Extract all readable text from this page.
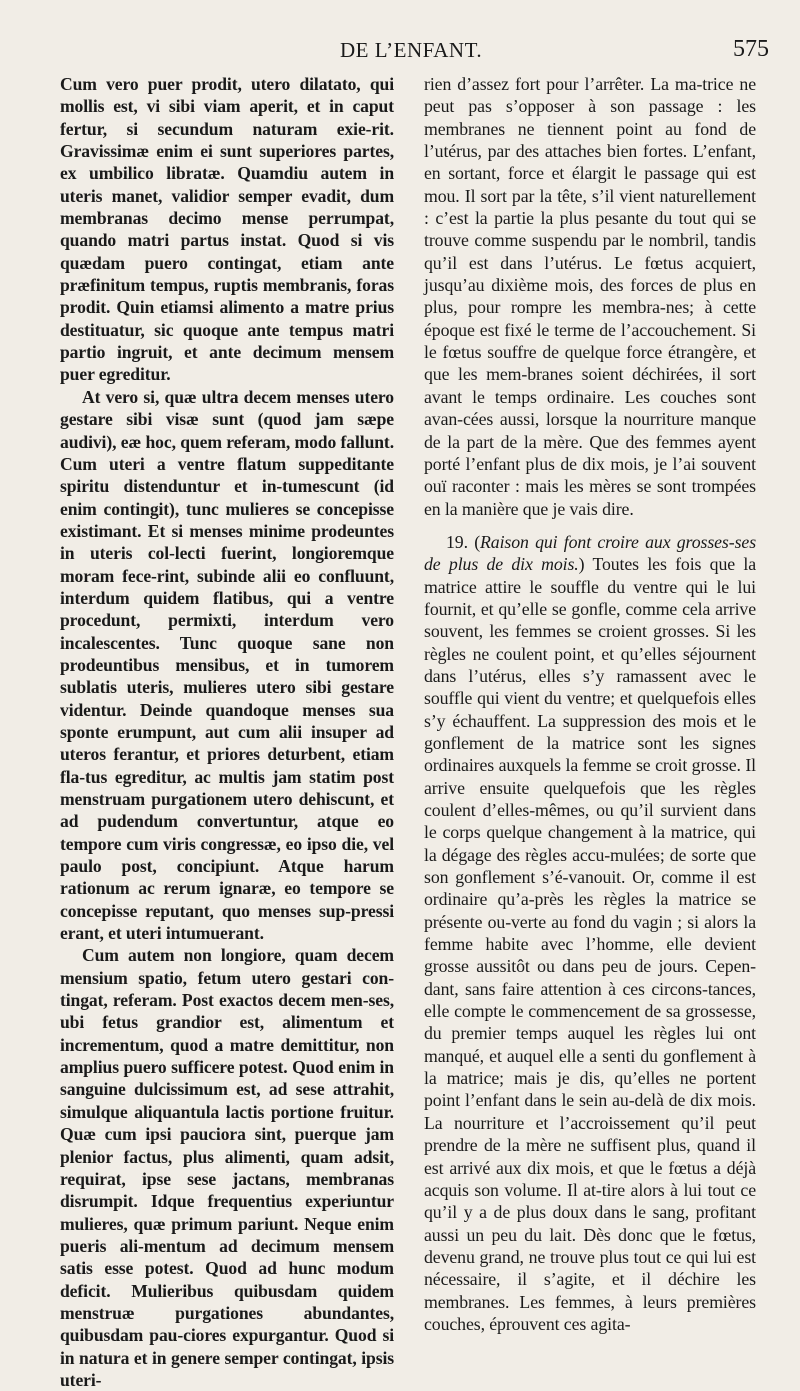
DE L’ENFANT.	575

Cum vero puer prodit, utero dilatato, qui mollis est, vi sibi viam aperit, et in caput fertur, si secundum naturam exie-rit. Gravissimæ enim ei sunt superiores partes, ex umbilico libratæ. Quamdiu autem in uteris manet, validior semper evadit, dum membranas decimo mense perrumpat, quando matri partus instat. Quod si vis quædam puero contingat, etiam ante præfinitum tempus, ruptis membranis, foras prodit. Quin etiamsi alimento a matre prius destituatur, sic quoque ante tempus matri partio ingruit, et ante decimum mensem puer egreditur.

At vero si, quæ ultra decem menses utero gestare sibi visæ sunt (quod jam sæpe audivi), eæ hoc, quem referam, modo fallunt. Cum uteri a ventre flatum suppeditante spiritu distenduntur et in-tumescunt (id enim contingit), tunc mulieres se concepisse existimant. Et si menses minime prodeuntes in uteris col-lecti fuerint, longioremque moram fece-rint, subinde alii eo confluunt, interdum quidem flatibus, qui a ventre procedunt, permixti, interdum vero incalescentes. Tunc quoque sane non prodeuntibus mensibus, et in tumorem sublatis uteris, mulieres utero sibi gestare videntur. Deinde quandoque menses sua sponte erumpunt, aut cum alii insuper ad uteros ferantur, et priores deturbent, etiam fla-tus egreditur, ac multis jam statim post menstruam purgationem utero dehiscunt, et ad pudendum convertuntur, atque eo tempore cum viris congressæ, eo ipso die, vel paulo post, concipiunt. Atque harum rationum ac rerum ignaræ, eo tempore se concepisse reputant, quo menses sup-pressi erant, et uteri intumuerant.

Cum autem non longiore, quam decem mensium spatio, fetum utero gestari con-tingat, referam. Post exactos decem men-ses, ubi fetus grandior est, alimentum et incrementum, quod a matre demittitur, non amplius puero sufficere potest. Quod enim in sanguine dulcissimum est, ad sese attrahit, simulque aliquantula lactis portione fruitur. Quæ cum ipsi pauciora sint, puerque jam plenior factus, plus alimenti, quam adsit, requirat, ipse sese jactans, membranas disrumpit. Idque frequentius experiuntur mulieres, quæ primum pariunt. Neque enim pueris ali-mentum ad decimum mensem satis esse potest. Quod ad hunc modum deficit. Mulieribus quibusdam quidem menstruæ purgationes abundantes, quibusdam pau-ciores expurgantur. Quod si in natura et in genere semper contingat, ipsis uteri-

rien d’assez fort pour l’arrêter. La ma-trice ne peut pas s’opposer à son passage : les membranes ne tiennent point au fond de l’utérus, par des attaches bien fortes. L’enfant, en sortant, force et élargit le passage qui est mou. Il sort par la tête, s’il vient naturellement : c’est la partie la plus pesante du tout qui se trouve comme suspendu par le nombril, tandis qu’il est dans l’utérus. Le fœtus acquiert, jusqu’au dixième mois, des forces de plus en plus, pour rompre les membra-nes; à cette époque est fixé le terme de l’accouchement. Si le fœtus souffre de quelque force étrangère, et que les mem-branes soient déchirées, il sort avant le temps ordinaire. Les couches sont avan-cées aussi, lorsque la nourriture manque de la part de la mère. Que des femmes ayent porté l’enfant plus de dix mois, je l’ai souvent ouï raconter : mais les mères se sont trompées en la manière que je vais dire.

19. (Raison qui font croire aux grosses-ses de plus de dix mois.) Toutes les fois que la matrice attire le souffle du ventre qui le lui fournit, et qu’elle se gonfle, comme cela arrive souvent, les femmes se croient grosses. Si les règles ne coulent point, et qu’elles séjournent dans l’utérus, elles s’y ramassent avec le souffle qui vient du ventre; et quelquefois elles s’y échauffent. La suppression des mois et le gonflement de la matrice sont les signes ordinaires auxquels la femme se croit grosse. Il arrive ensuite quelquefois que les règles coulent d’elles-mêmes, ou qu’il survient dans le corps quelque changement à la matrice, qui la dégage des règles accu-mulées; de sorte que son gonflement s’é-vanouit. Or, comme il est ordinaire qu’a-près les règles la matrice se présente ou-verte au fond du vagin ; si alors la femme habite avec l’homme, elle devient grosse aussitôt ou dans peu de jours. Cepen-dant, sans faire attention à ces circons-tances, elle compte le commencement de sa grossesse, du premier temps auquel les règles lui ont manqué, et auquel elle a senti du gonflement à la matrice; mais je dis, qu’elles ne portent point l’enfant dans le sein au-delà de dix mois. La nourriture et l’accroissement qu’il peut prendre de la mère ne suffisent plus, quand il est arrivé aux dix mois, et que le fœtus a déjà acquis son volume. Il at-tire alors à lui tout ce qu’il y a de plus doux dans le sang, profitant aussi un peu du lait. Dès donc que le fœtus, devenu grand, ne trouve plus tout ce qui lui est nécessaire, il s’agite, et il déchire les membranes. Les femmes, à leurs premières couches, éprouvent ces agita-
